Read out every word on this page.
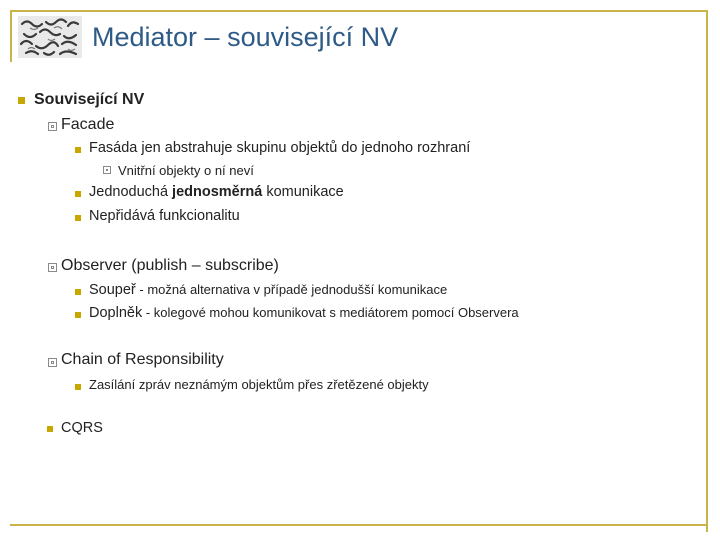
Mediator – související NV
Související NV
Facade
Fasáda jen abstrahuje skupinu objektů do jednoho rozhraní
Vnitřní objekty o ní neví
Jednoduchá jednosměrná komunikace
Nepřidává funkcionalitu
Observer (publish – subscribe)
Soupeř - možná alternativa v případě jednodušší komunikace
Doplněk - kolegové mohou komunikovat s mediátorem pomocí Observera
Chain of Responsibility
Zasílání zpráv neznámým objektům přes zřetězené objekty
CQRS
